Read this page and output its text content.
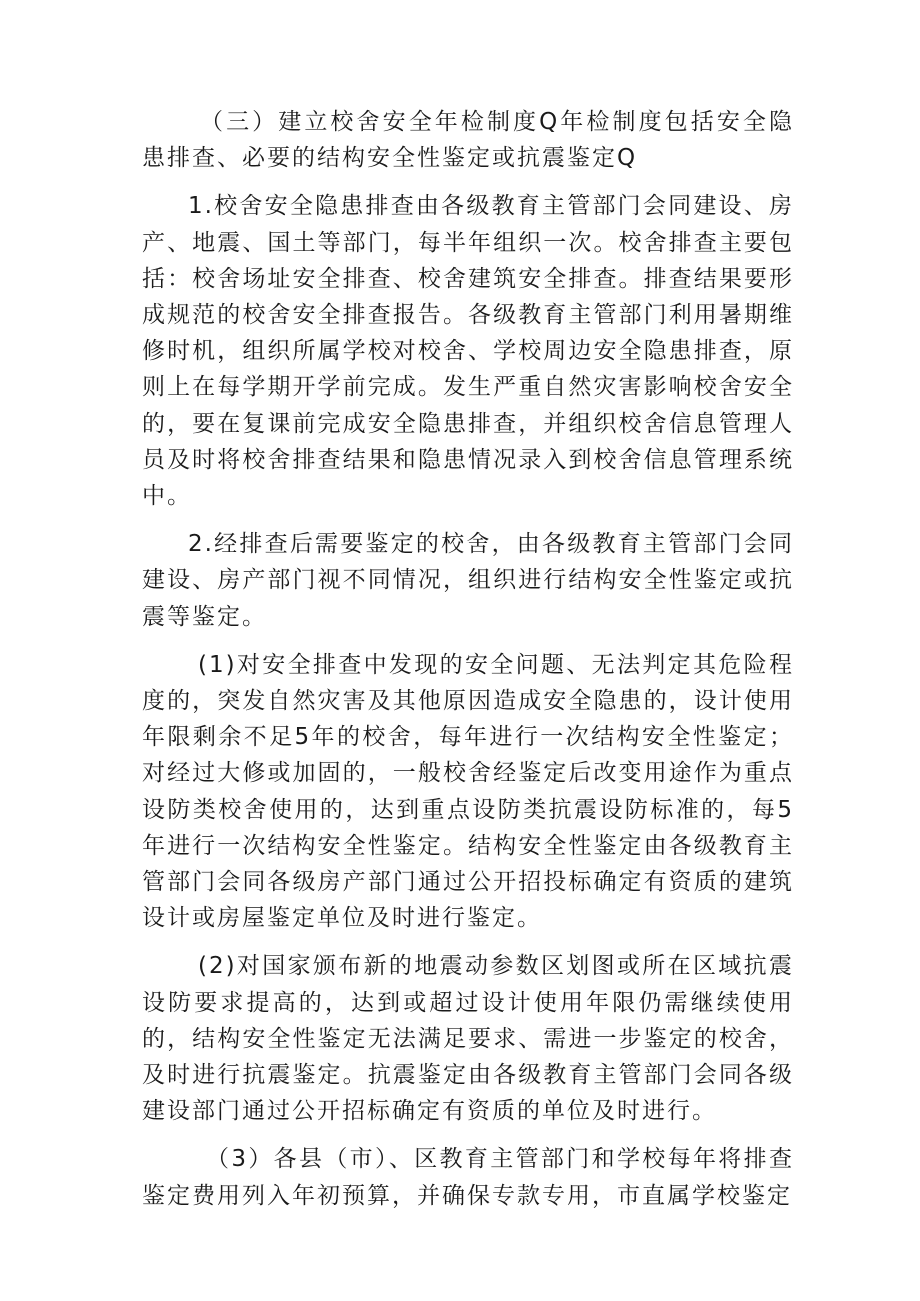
（三）建立校舍安全年检制度Q年检制度包括安全隐患排查、必要的结构安全性鉴定或抗震鉴定Q

1.校舍安全隐患排查由各级教育主管部门会同建设、房产、地震、国土等部门，每半年组织一次。校舍排查主要包括：校舍场址安全排查、校舍建筑安全排查。排查结果要形成规范的校舍安全排查报告。各级教育主管部门利用暑期维修时机，组织所属学校对校舍、学校周边安全隐患排查，原则上在每学期开学前完成。发生严重自然灾害影响校舍安全的，要在复课前完成安全隐患排查，并组织校舍信息管理人员及时将校舍排查结果和隐患情况录入到校舍信息管理系统中。

2.经排查后需要鉴定的校舍，由各级教育主管部门会同建设、房产部门视不同情况，组织进行结构安全性鉴定或抗震等鉴定。

(1)对安全排查中发现的安全问题、无法判定其危险程度的，突发自然灾害及其他原因造成安全隐患的，设计使用年限剩余不足5年的校舍，每年进行一次结构安全性鉴定；对经过大修或加固的，一般校舍经鉴定后改变用途作为重点设防类校舍使用的，达到重点设防类抗震设防标准的，每5年进行一次结构安全性鉴定。结构安全性鉴定由各级教育主管部门会同各级房产部门通过公开招投标确定有资质的建筑设计或房屋鉴定单位及时进行鉴定。

(2)对国家颁布新的地震动参数区划图或所在区域抗震设防要求提高的，达到或超过设计使用年限仍需继续使用的，结构安全性鉴定无法满足要求、需进一步鉴定的校舍，及时进行抗震鉴定。抗震鉴定由各级教育主管部门会同各级建设部门通过公开招标确定有资质的单位及时进行。

（3）各县（市）、区教育主管部门和学校每年将排查鉴定费用列入年初预算，并确保专款专用，市直属学校鉴定
